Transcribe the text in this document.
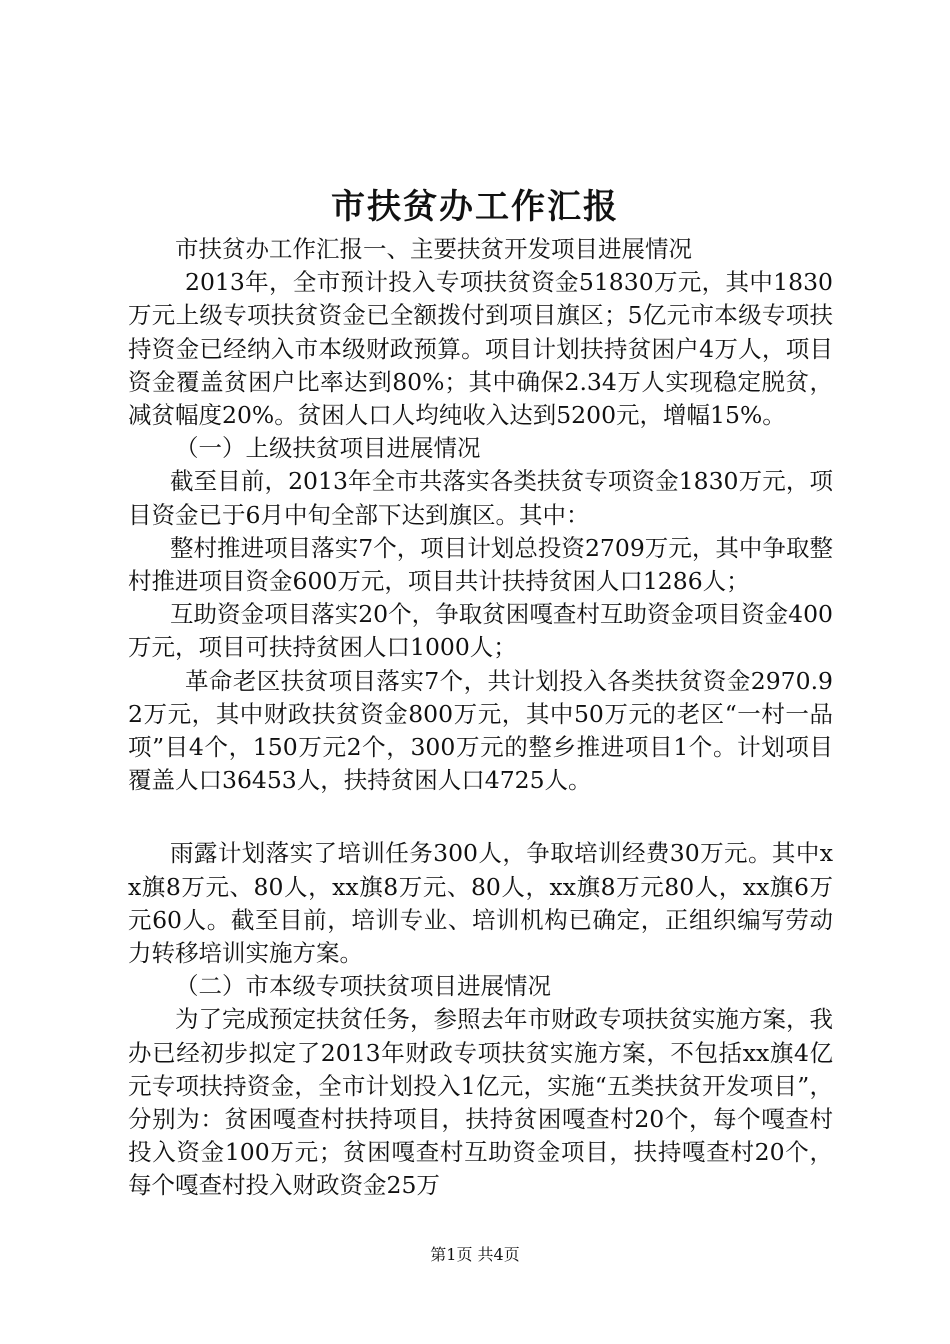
市扶贫办工作汇报

市扶贫办工作汇报一、主要扶贫开发项目进展情况

2013年，全市预计投入专项扶贫资金51830万元，其中1830万元上级专项扶贫资金已全额拨付到项目旗区；5亿元市本级专项扶持资金已经纳入市本级财政预算。项目计划扶持贫困户4万人，项目资金覆盖贫困户比率达到80%；其中确保2.34万人实现稳定脱贫，减贫幅度20%。贫困人口人均纯收入达到5200元，增幅15%。

（一）上级扶贫项目进展情况

截至目前，2013年全市共落实各类扶贫专项资金1830万元，项目资金已于6月中旬全部下达到旗区。其中：

整村推进项目落实7个，项目计划总投资2709万元，其中争取整村推进项目资金600万元，项目共计扶持贫困人口1286人；

互助资金项目落实20个，争取贫困嘎查村互助资金项目资金400万元，项目可扶持贫困人口1000人；

革命老区扶贫项目落实7个，共计划投入各类扶贫资金2970.92万元，其中财政扶贫资金800万元，其中50万元的老区“一村一品项”目4个，150万元2个，300万元的整乡推进项目1个。计划项目覆盖人口36453人，扶持贫困人口4725人。

雨露计划落实了培训任务300人，争取培训经费30万元。其中xx旗8万元、80人，xx旗8万元、80人，xx旗8万元80人，xx旗6万元60人。截至目前，培训专业、培训机构已确定，正组织编写劳动力转移培训实施方案。

（二）市本级专项扶贫项目进展情况

为了完成预定扶贫任务，参照去年市财政专项扶贫实施方案，我办已经初步拟定了2013年财政专项扶贫实施方案，不包括xx旗4亿元专项扶持资金，全市计划投入1亿元，实施“五类扶贫开发项目”，分别为：贫困嘎查村扶持项目，扶持贫困嘎查村20个，每个嘎查村投入资金100万元；贫困嘎查村互助资金项目，扶持嘎查村20个，每个嘎查村投入财政资金25万

第1页 共4页
